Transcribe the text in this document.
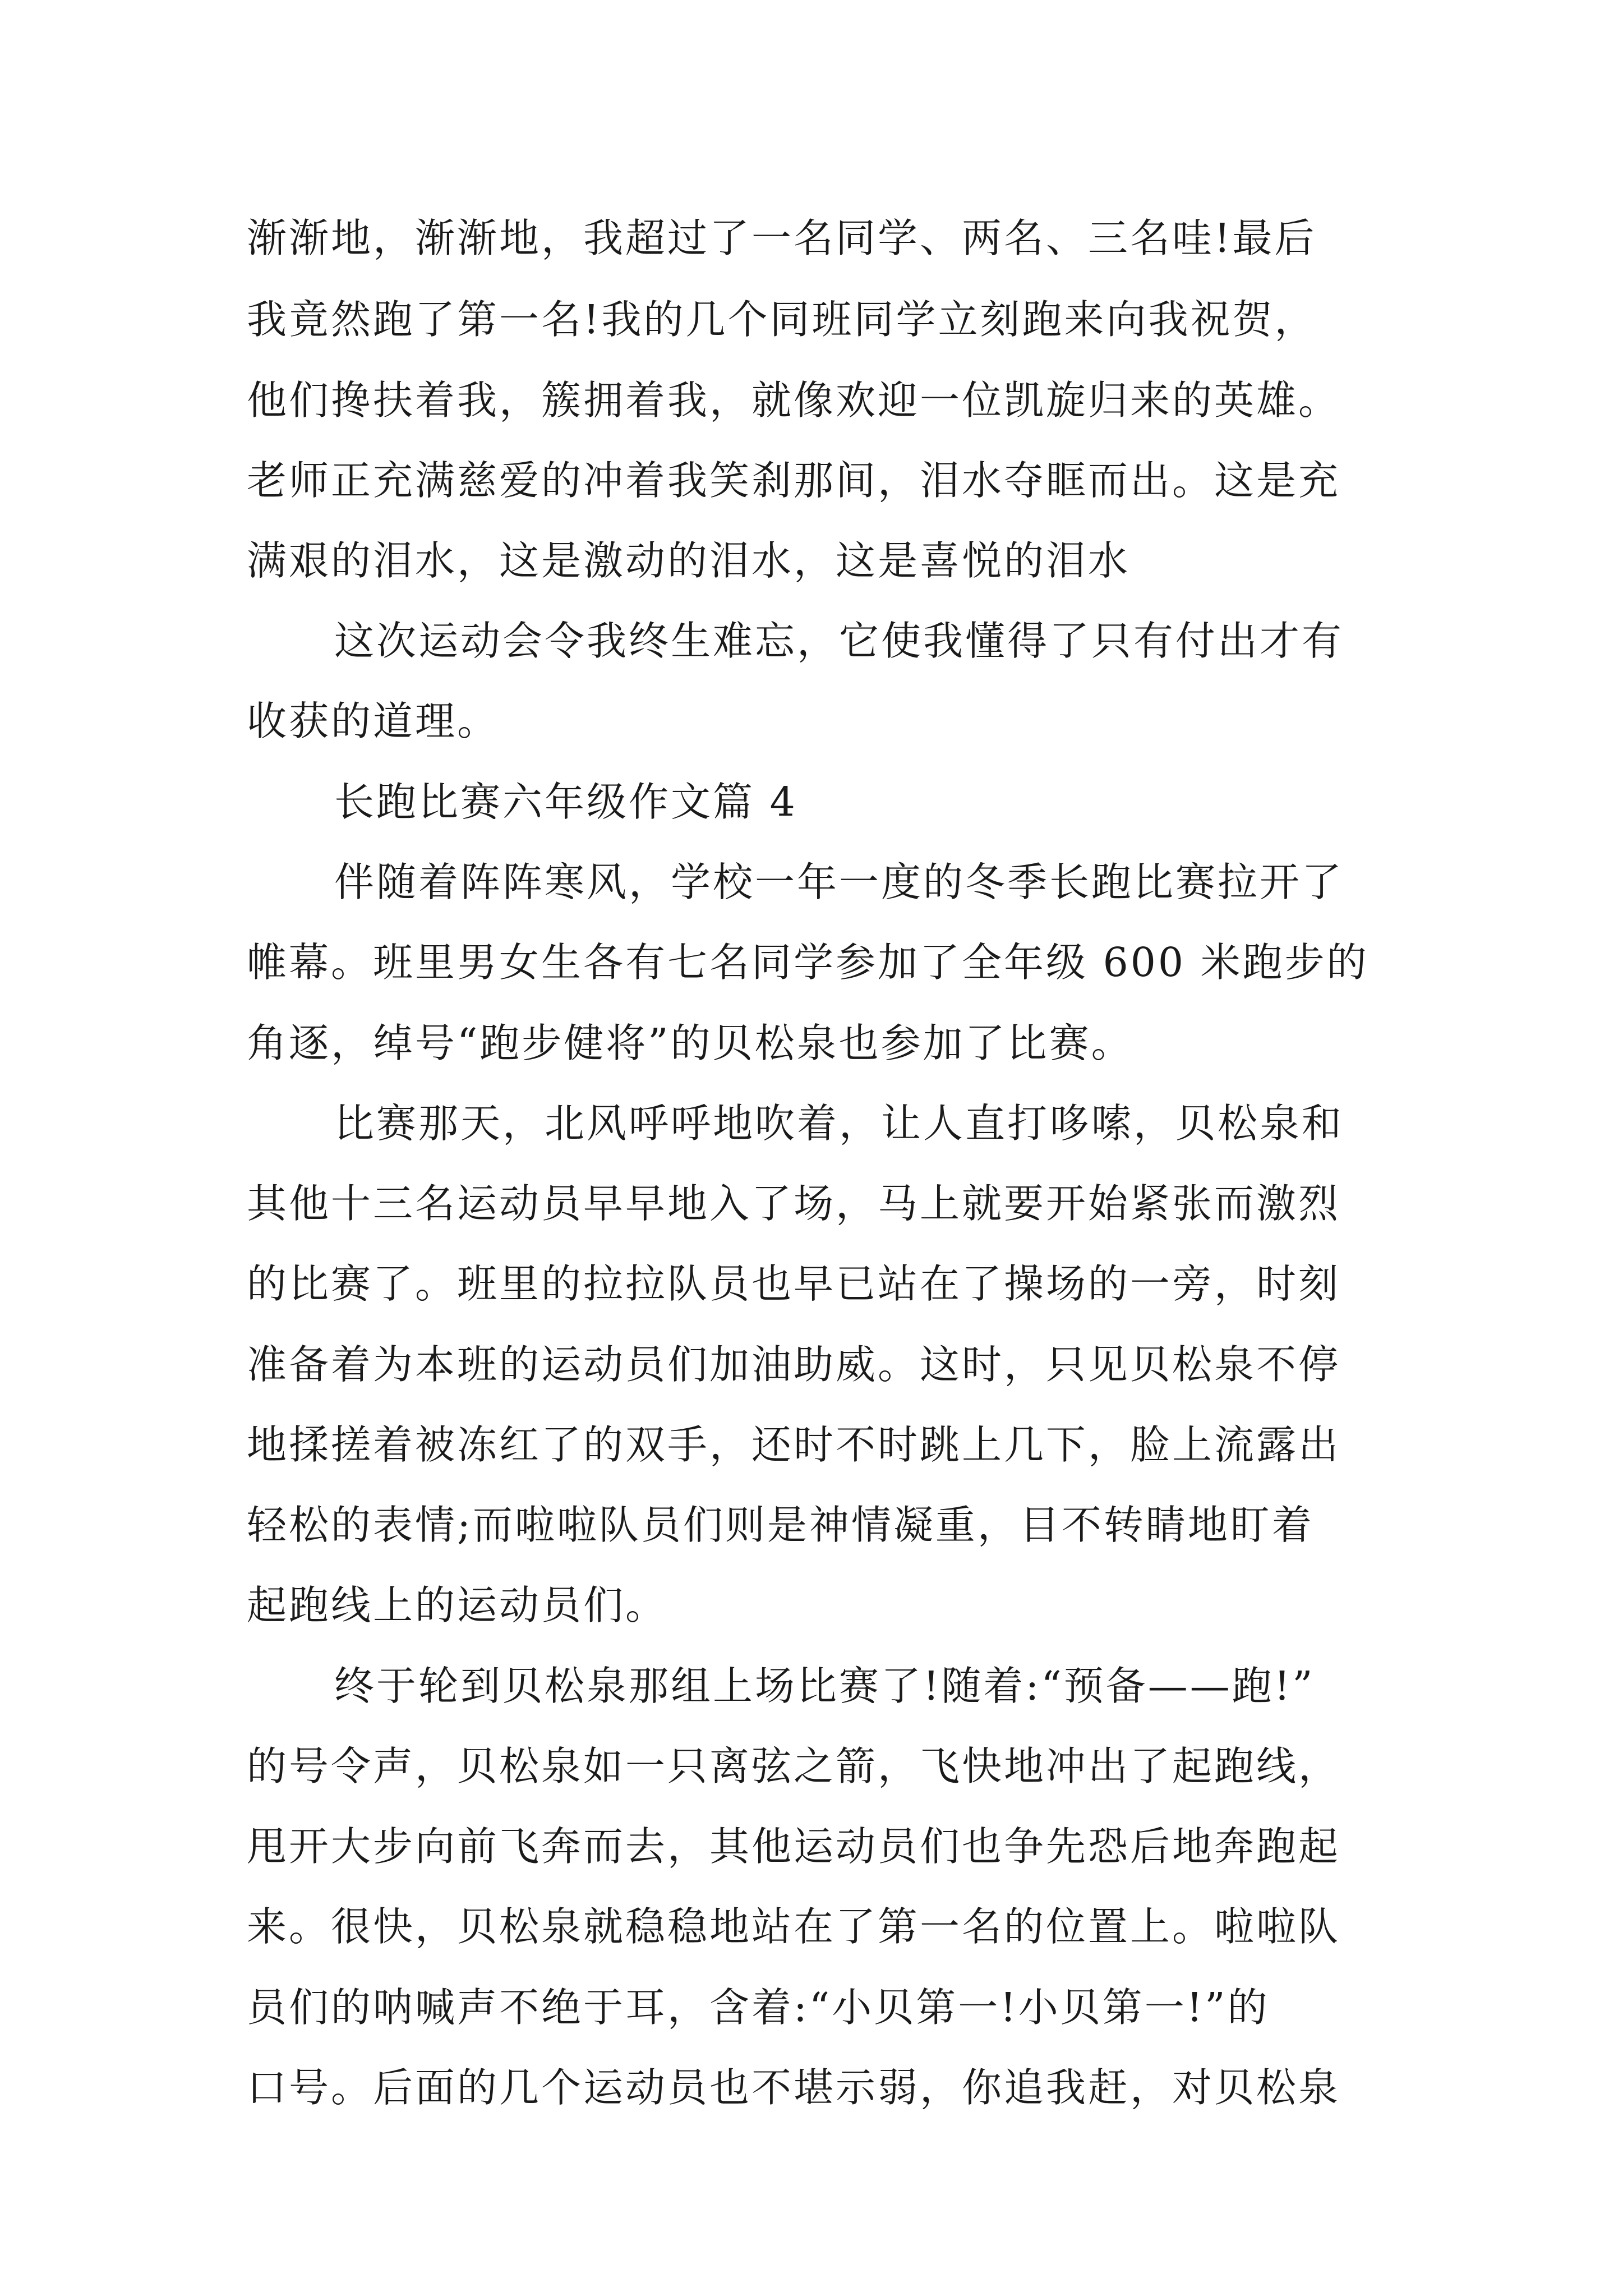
渐渐地，渐渐地，我超过了一名同学、两名、三名哇!最后
我竟然跑了第一名!我的几个同班同学立刻跑来向我祝贺，
他们搀扶着我，簇拥着我，就像欢迎一位凯旋归来的英雄。
老师正充满慈爱的冲着我笑刹那间，泪水夺眶而出。这是充
满艰的泪水，这是激动的泪水，这是喜悦的泪水
这次运动会令我终生难忘，它使我懂得了只有付出才有
收获的道理。
长跑比赛六年级作文篇 4
伴随着阵阵寒风，学校一年一度的冬季长跑比赛拉开了
帷幕。班里男女生各有七名同学参加了全年级 600 米跑步的
角逐，绰号“跑步健将”的贝松泉也参加了比赛。
比赛那天，北风呼呼地吹着，让人直打哆嗦，贝松泉和
其他十三名运动员早早地入了场，马上就要开始紧张而激烈
的比赛了。班里的拉拉队员也早已站在了操场的一旁，时刻
准备着为本班的运动员们加油助威。这时，只见贝松泉不停
地揉搓着被冻红了的双手，还时不时跳上几下，脸上流露出
轻松的表情;而啦啦队员们则是神情凝重，目不转睛地盯着
起跑线上的运动员们。
终于轮到贝松泉那组上场比赛了!随着:“预备——跑!”
的号令声，贝松泉如一只离弦之箭，飞快地冲出了起跑线，
甩开大步向前飞奔而去，其他运动员们也争先恐后地奔跑起
来。很快，贝松泉就稳稳地站在了第一名的位置上。啦啦队
员们的呐喊声不绝于耳，含着:“小贝第一!小贝第一!”的
口号。后面的几个运动员也不堪示弱，你追我赶，对贝松泉
